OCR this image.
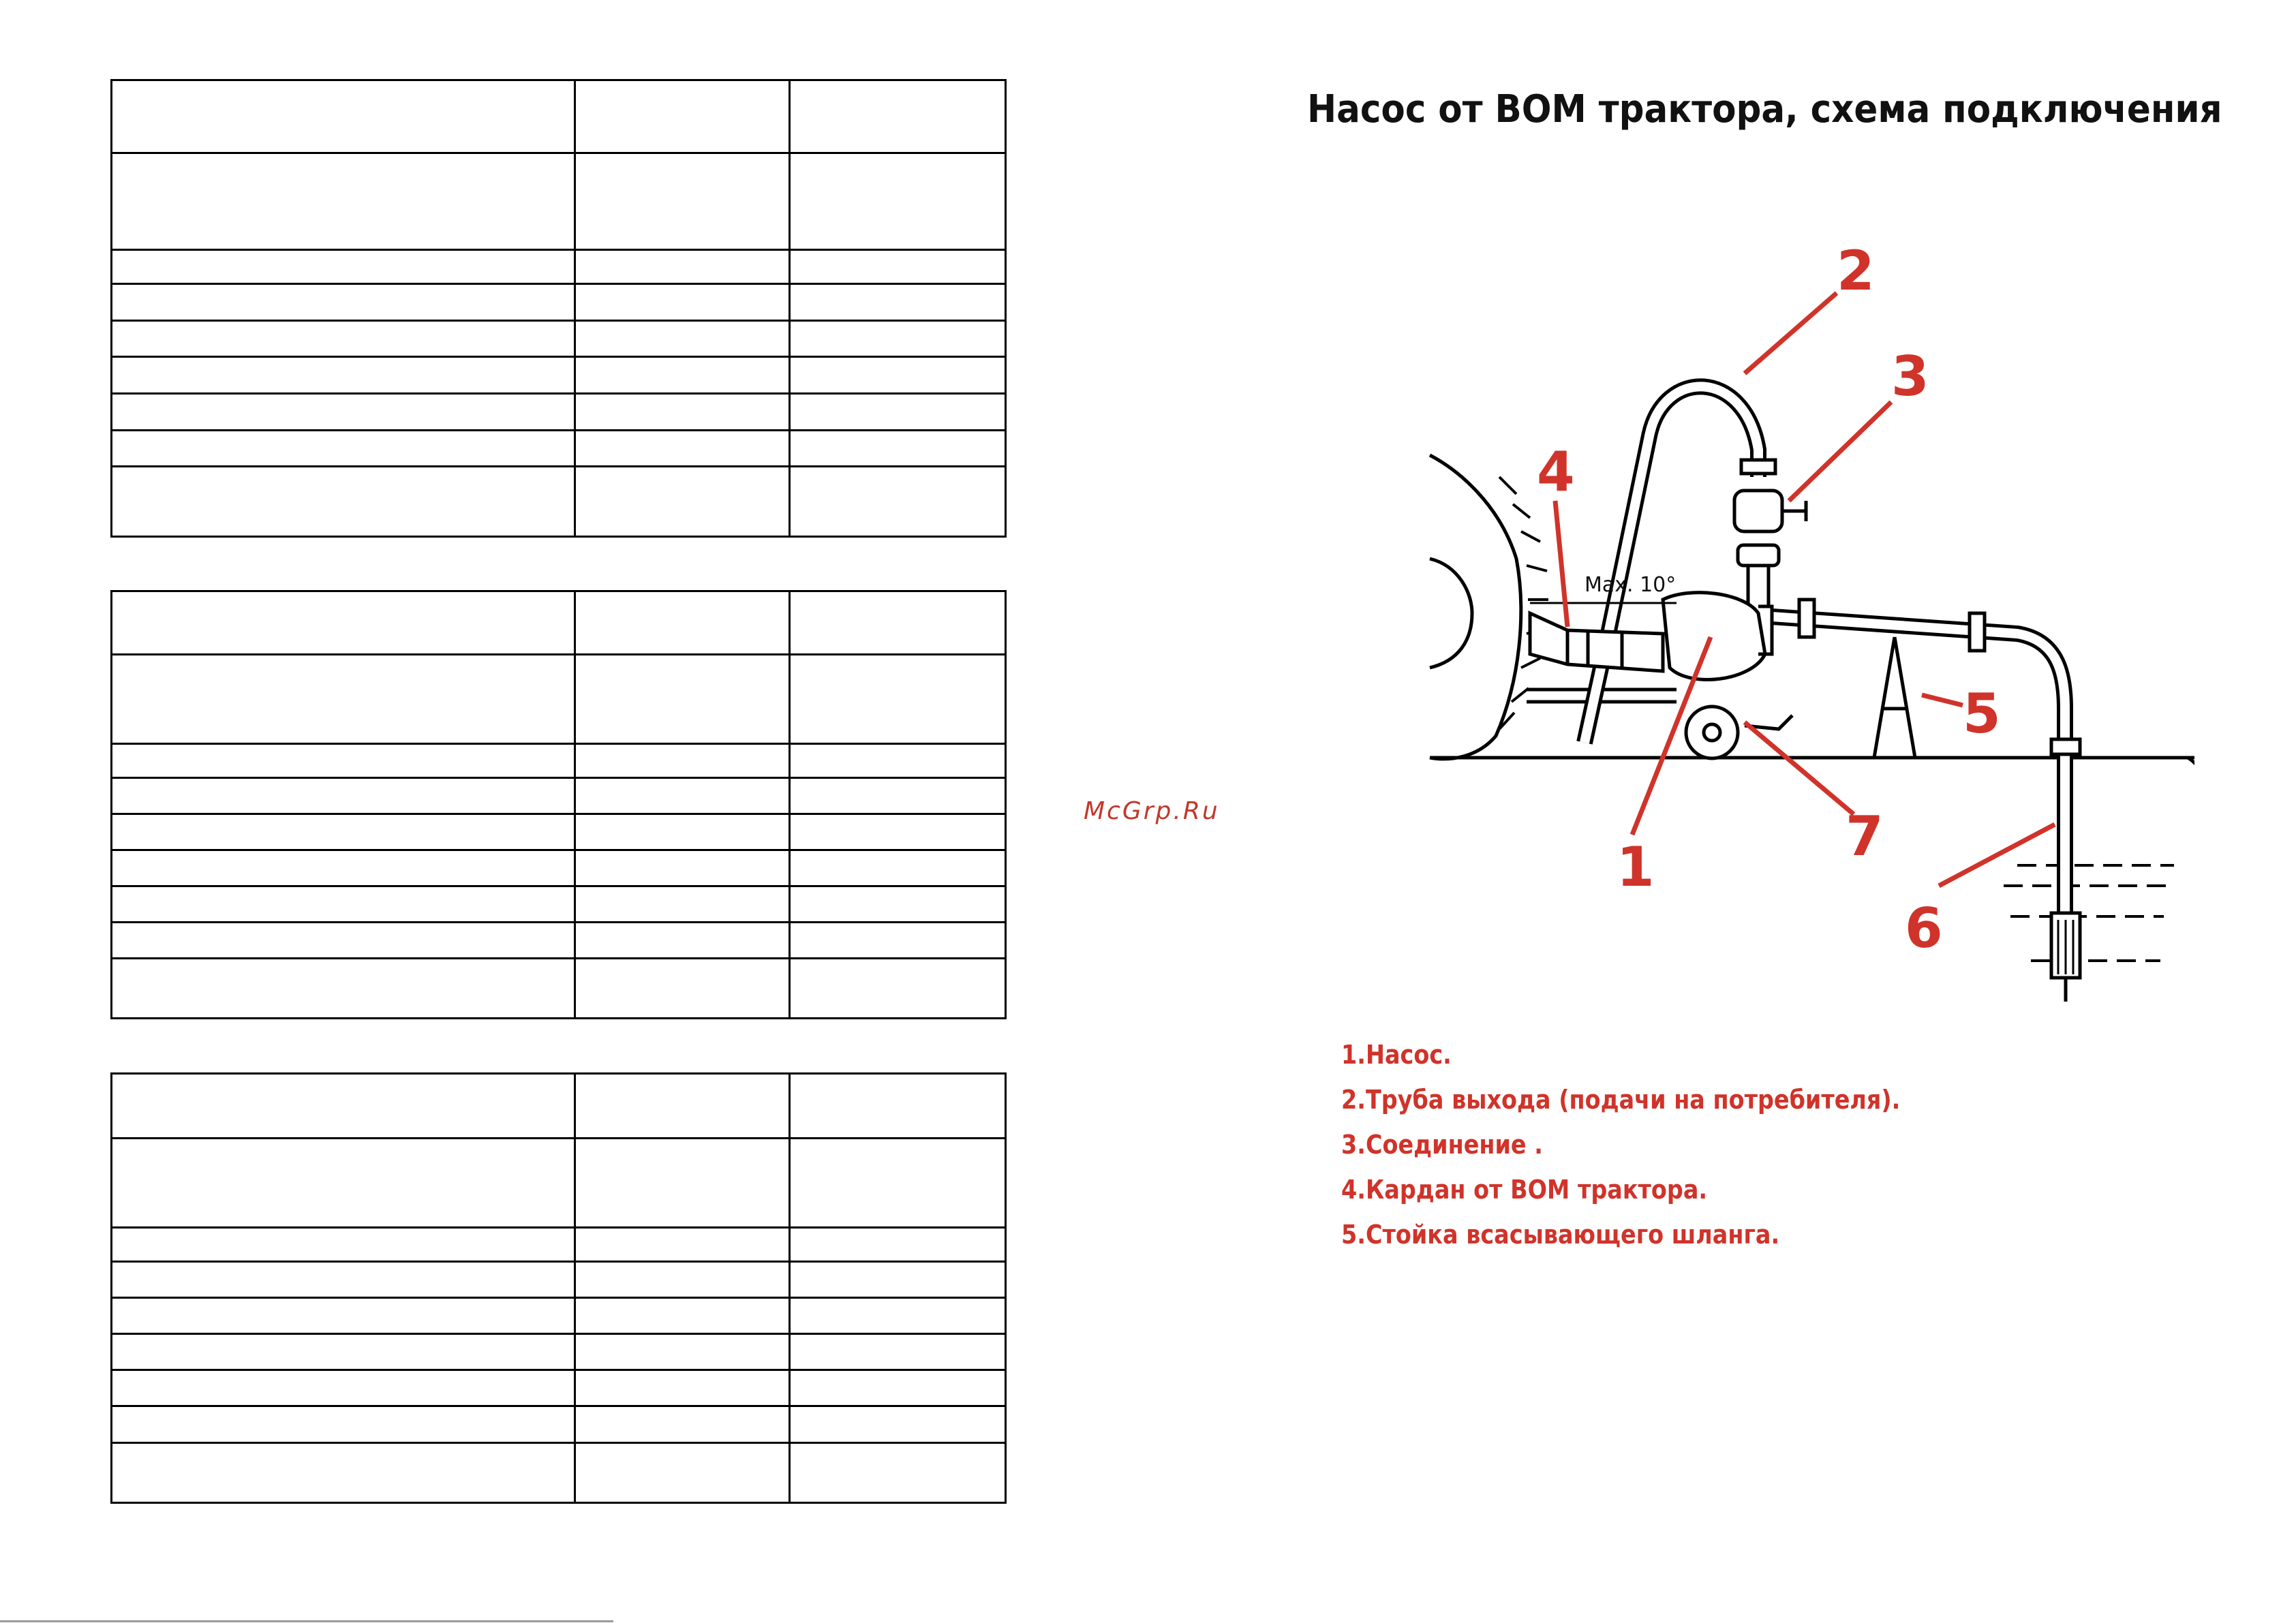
McGrp.Ru
Насос от ВОМ трактора, схема подключения
1
2
3
4
5
6
7
Max. 10°
1.Насос.
2.Труба выхода (подачи на потребителя).
3.Соединение .
4.Кардан от ВОМ трактора.
5.Стойка всасывающего шланга.
